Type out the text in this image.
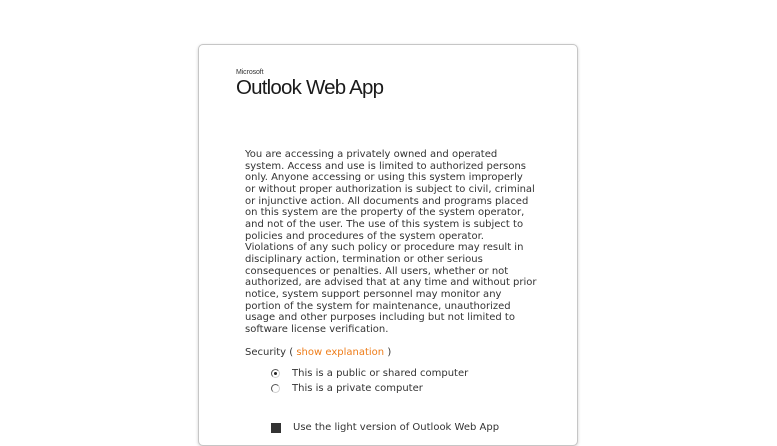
Microsoft
Outlook Web App
You are accessing a privately owned and operated
system. Access and use is limited to authorized persons
only. Anyone accessing or using this system improperly
or without proper authorization is subject to civil, criminal
or injunctive action. All documents and programs placed
on this system are the property of the system operator,
and not of the user. The use of this system is subject to
policies and procedures of the system operator.
Violations of any such policy or procedure may result in
disciplinary action, termination or other serious
consequences or penalties. All users, whether or not
authorized, are advised that at any time and without prior
notice, system support personnel may monitor any
portion of the system for maintenance, unauthorized
usage and other purposes including but not limited to
software license verification.
Security ( show explanation )
This is a public or shared computer
This is a private computer
Use the light version of Outlook Web App
